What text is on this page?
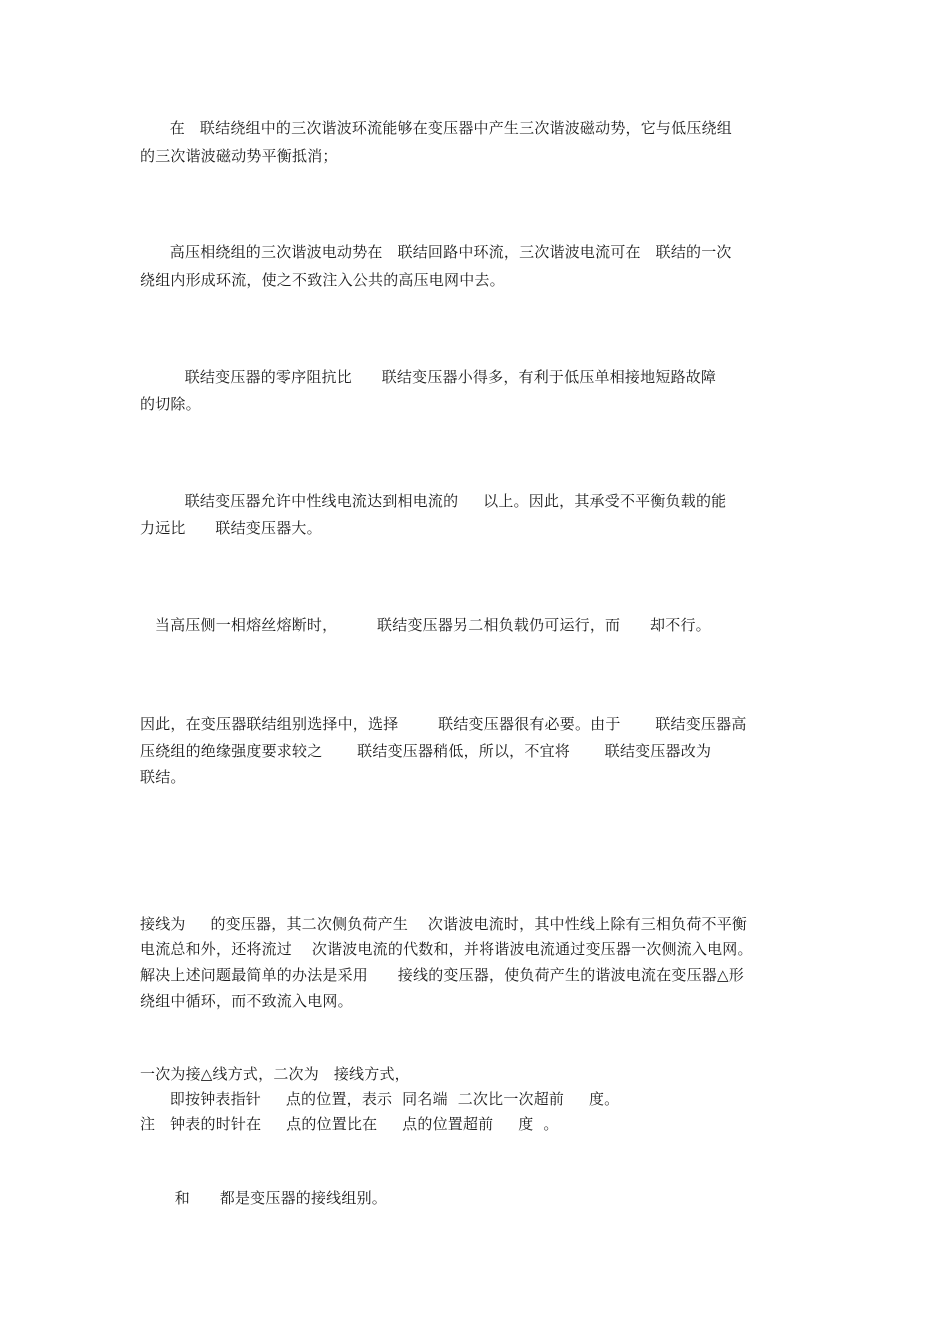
在   联结绕组中的三次谐波环流能够在变压器中产生三次谐波磁动势，它与低压绕组
的三次谐波磁动势平衡抵消；
高压相绕组的三次谐波电动势在   联结回路中环流，三次谐波电流可在   联结的一次
绕组内形成环流，使之不致注入公共的高压电网中去。
联结变压器的零序阻抗比      联结变压器小得多，有利于低压单相接地短路故障
的切除。
联结变压器允许中性线电流达到相电流的     以上。因此，其承受不平衡负载的能
力远比      联结变压器大。
当高压侧一相熔丝熔断时，        联结变压器另二相负载仍可运行，而      却不行。
因此，在变压器联结组别选择中，选择        联结变压器很有必要。由于       联结变压器高
压绕组的绝缘强度要求较之       联结变压器稍低，所以，不宜将       联结变压器改为
联结。
接线为     的变压器，其二次侧负荷产生    次谐波电流时，其中性线上除有三相负荷不平衡
电流总和外，还将流过    次谐波电流的代数和，并将谐波电流通过变压器一次侧流入电网。
解决上述问题最简单的办法是采用      接线的变压器，使负荷产生的谐波电流在变压器△形
绕组中循环，而不致流入电网。
一次为接△线方式，二次为   接线方式，
即按钟表指针     点的位置，表示  同名端  二次比一次超前     度。
注   钟表的时针在     点的位置比在     点的位置超前     度  。
和      都是变压器的接线组别。
